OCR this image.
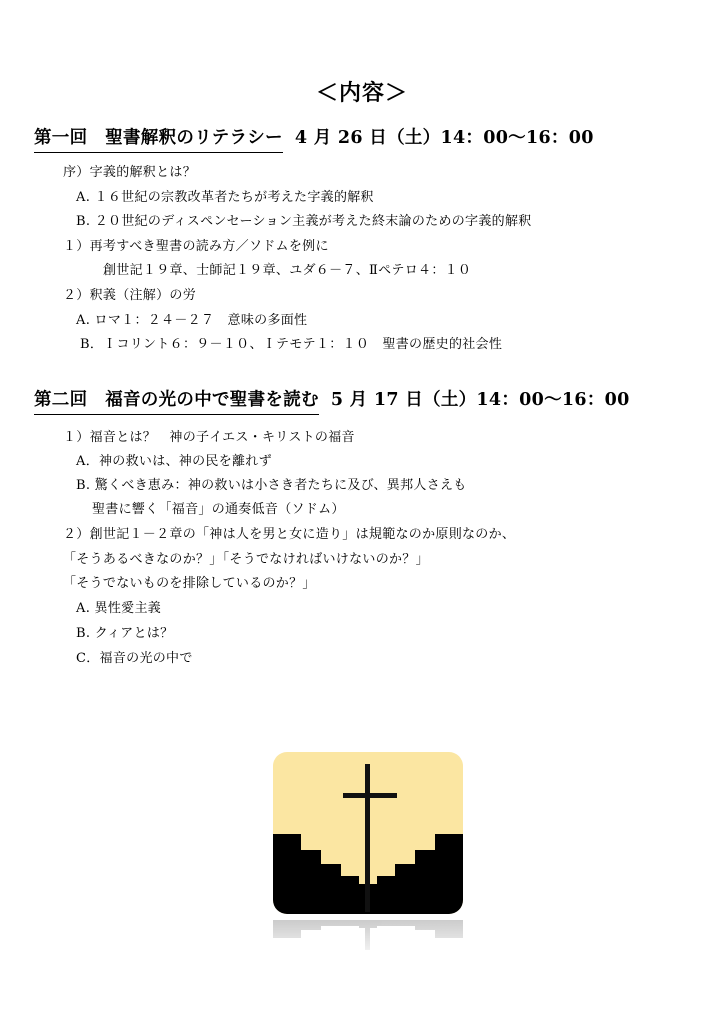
＜内容＞
第一回　聖書解釈のリテラシー 4 月 26 日（土）14：00〜16：00
序）字義的解釈とは？
A. １６世紀の宗教改革者たちが考えた字義的解釈
B. ２０世紀のディスペンセーション主義が考えた終末論のための字義的解釈
１）再考すべき聖書の読み方／ソドムを例に
創世記１９章、士師記１９章、ユダ６－７、Ⅱペテロ４：１０
２）釈義（注解）の労
A. ロマ１：２４－２７　意味の多面性
B．Ｉコリント６：９－１０、Ｉテモテ１：１０　聖書の歴史的社会性
第二回　福音の光の中で聖書を読む 5 月 17 日（土）14：00〜16：00
１）福音とは？　神の子イエス・キリストの福音
A．神の救いは、神の民を離れず
B. 驚くべき恵み：神の救いは小さき者たちに及び、異邦人さえも
聖書に響く「福音」の通奏低音（ソドム）
２）創世記１－２章の「神は人を男と女に造り」は規範なのか原則なのか、
「そうあるべきなのか？」「そうでなければいけないのか？」
「そうでないものを排除しているのか？」
A. 異性愛主義
B. クィアとは？
C．福音の光の中で
